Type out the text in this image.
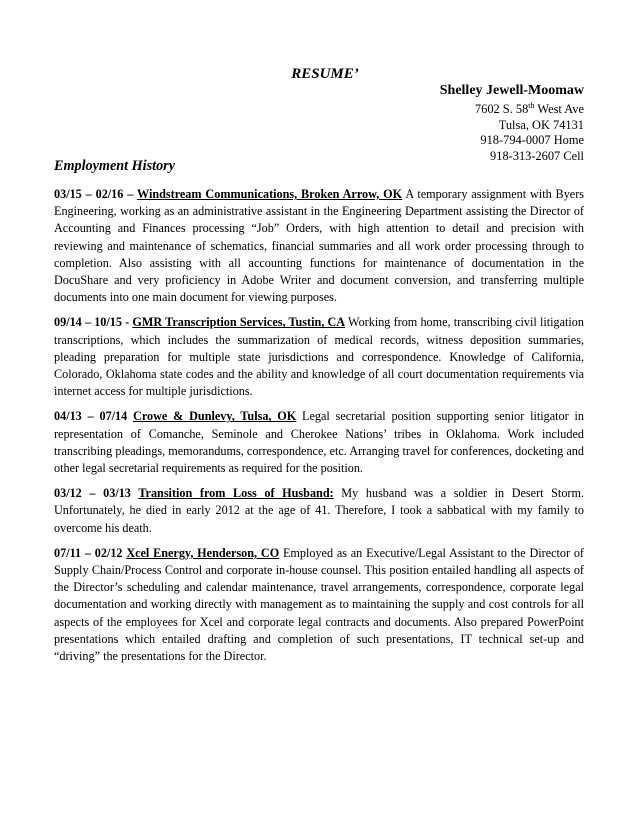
RESUME’
Shelley Jewell-Moomaw
7602 S. 58th West Ave
Tulsa, OK 74131
918-794-0007 Home
918-313-2607 Cell
Employment History

03/15 – 02/16 – Windstream Communications, Broken Arrow, OK A temporary assignment with Byers Engineering, working as an administrative assistant in the Engineering Department assisting the Director of Accounting and Finances processing “Job” Orders, with high attention to detail and precision with reviewing and maintenance of schematics, financial summaries and all work order processing through to completion. Also assisting with all accounting functions for maintenance of documentation in the DocuShare and very proficiency in Adobe Writer and document conversion, and transferring multiple documents into one main document for viewing purposes.

09/14 – 10/15 - GMR Transcription Services, Tustin, CA Working from home, transcribing civil litigation transcriptions, which includes the summarization of medical records, witness deposition summaries, pleading preparation for multiple state jurisdictions and correspondence. Knowledge of California, Colorado, Oklahoma state codes and the ability and knowledge of all court documentation requirements via internet access for multiple jurisdictions.

04/13 – 07/14 Crowe & Dunlevy, Tulsa, OK Legal secretarial position supporting senior litigator in representation of Comanche, Seminole and Cherokee Nations’ tribes in Oklahoma. Work included transcribing pleadings, memorandums, correspondence, etc. Arranging travel for conferences, docketing and other legal secretarial requirements as required for the position.

03/12 – 03/13 Transition from Loss of Husband: My husband was a soldier in Desert Storm. Unfortunately, he died in early 2012 at the age of 41. Therefore, I took a sabbatical with my family to overcome his death.

07/11 – 02/12 Xcel Energy, Henderson, CO Employed as an Executive/Legal Assistant to the Director of Supply Chain/Process Control and corporate in-house counsel. This position entailed handling all aspects of the Director’s scheduling and calendar maintenance, travel arrangements, correspondence, corporate legal documentation and working directly with management as to maintaining the supply and cost controls for all aspects of the employees for Xcel and corporate legal contracts and documents. Also prepared PowerPoint presentations which entailed drafting and completion of such presentations, IT technical set-up and “driving” the presentations for the Director.
